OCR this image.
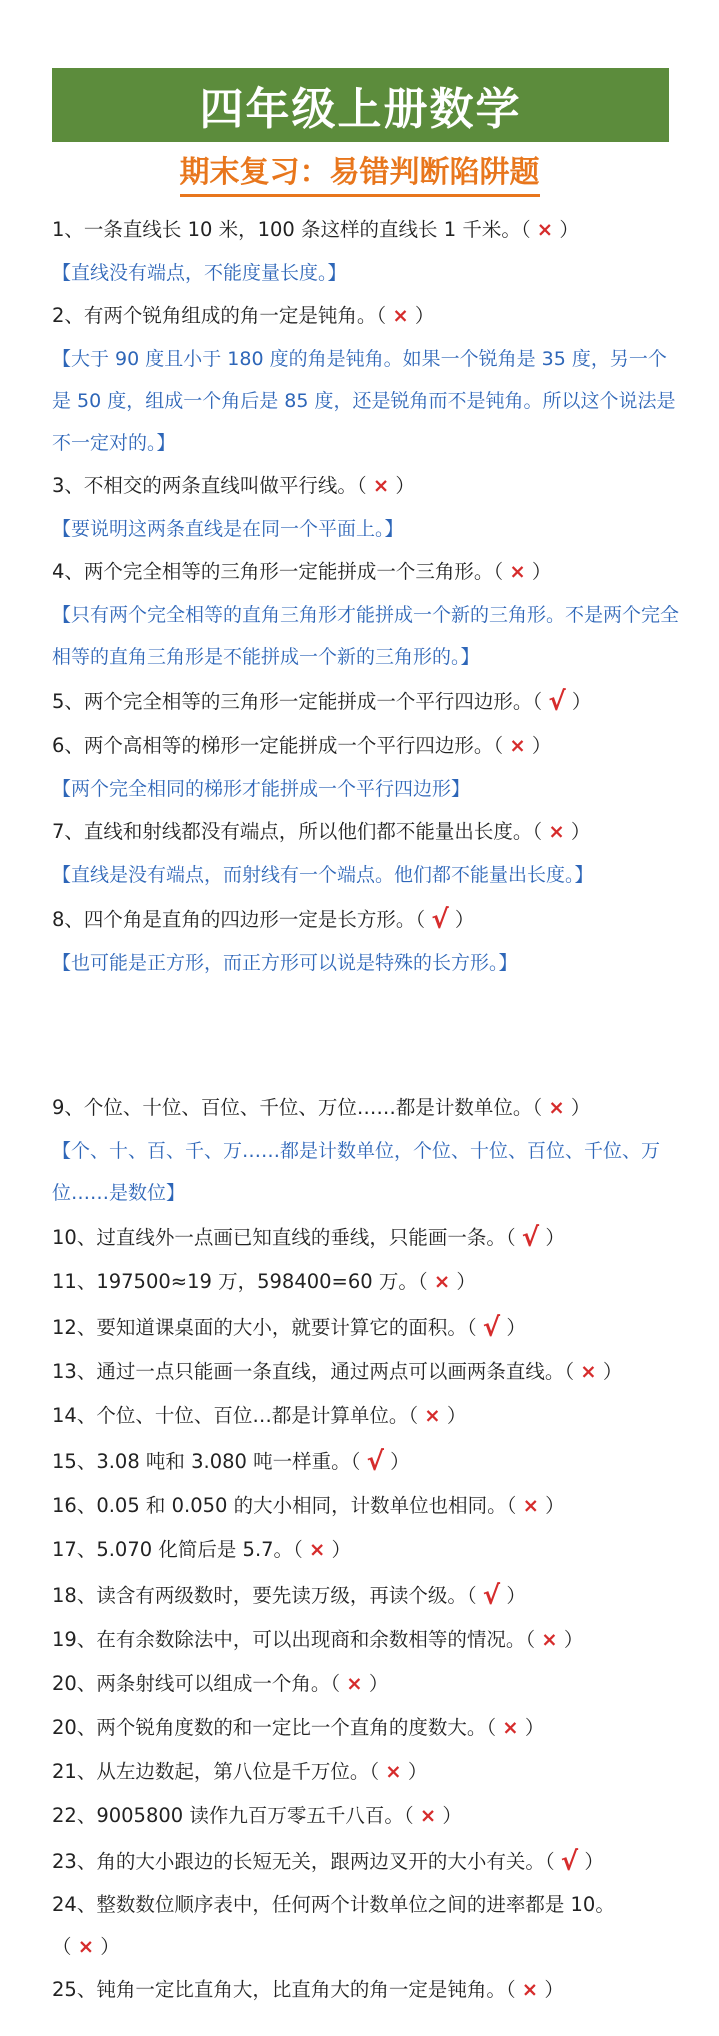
四年级上册数学
期末复习：易错判断陷阱题
1、一条直线长 10 米，100 条这样的直线长 1 千米。（ × ）
【直线没有端点，不能度量长度。】
2、有两个锐角组成的角一定是钝角。（ × ）
【大于 90 度且小于 180 度的角是钝角。如果一个锐角是 35 度，另一个是 50 度，组成一个角后是 85 度，还是锐角而不是钝角。所以这个说法是不一定对的。】
3、不相交的两条直线叫做平行线。（ × ）
【要说明这两条直线是在同一个平面上。】
4、两个完全相等的三角形一定能拼成一个三角形。（ × ）
【只有两个完全相等的直角三角形才能拼成一个新的三角形。不是两个完全相等的直角三角形是不能拼成一个新的三角形的。】
5、两个完全相等的三角形一定能拼成一个平行四边形。（ √ ）
6、两个高相等的梯形一定能拼成一个平行四边形。（ × ）
【两个完全相同的梯形才能拼成一个平行四边形】
7、直线和射线都没有端点，所以他们都不能量出长度。（ × ）
【直线是没有端点，而射线有一个端点。他们都不能量出长度。】
8、四个角是直角的四边形一定是长方形。（ √ ）
【也可能是正方形，而正方形可以说是特殊的长方形。】
9、个位、十位、百位、千位、万位……都是计数单位。（ × ）
【个、十、百、千、万……都是计数单位，个位、十位、百位、千位、万位……是数位】
10、过直线外一点画已知直线的垂线，只能画一条。（ √ ）
11、197500≈19 万，598400=60 万。（ × ）
12、要知道课桌面的大小，就要计算它的面积。（ √ ）
13、通过一点只能画一条直线，通过两点可以画两条直线。（ × ）
14、个位、十位、百位…都是计算单位。（ × ）
15、3.08 吨和 3.080 吨一样重。（ √ ）
16、0.05 和 0.050 的大小相同，计数单位也相同。（ × ）
17、5.070 化简后是 5.7。（ × ）
18、读含有两级数时，要先读万级，再读个级。（ √ ）
19、在有余数除法中，可以出现商和余数相等的情况。（ × ）
20、两条射线可以组成一个角。（ × ）
20、两个锐角度数的和一定比一个直角的度数大。（ × ）
21、从左边数起，第八位是千万位。（ × ）
22、9005800 读作九百万零五千八百。（ × ）
23、角的大小跟边的长短无关，跟两边叉开的大小有关。（ √ ）
24、整数数位顺序表中，任何两个计数单位之间的进率都是 10。
（ × ）
25、钝角一定比直角大，比直角大的角一定是钝角。（ × ）
